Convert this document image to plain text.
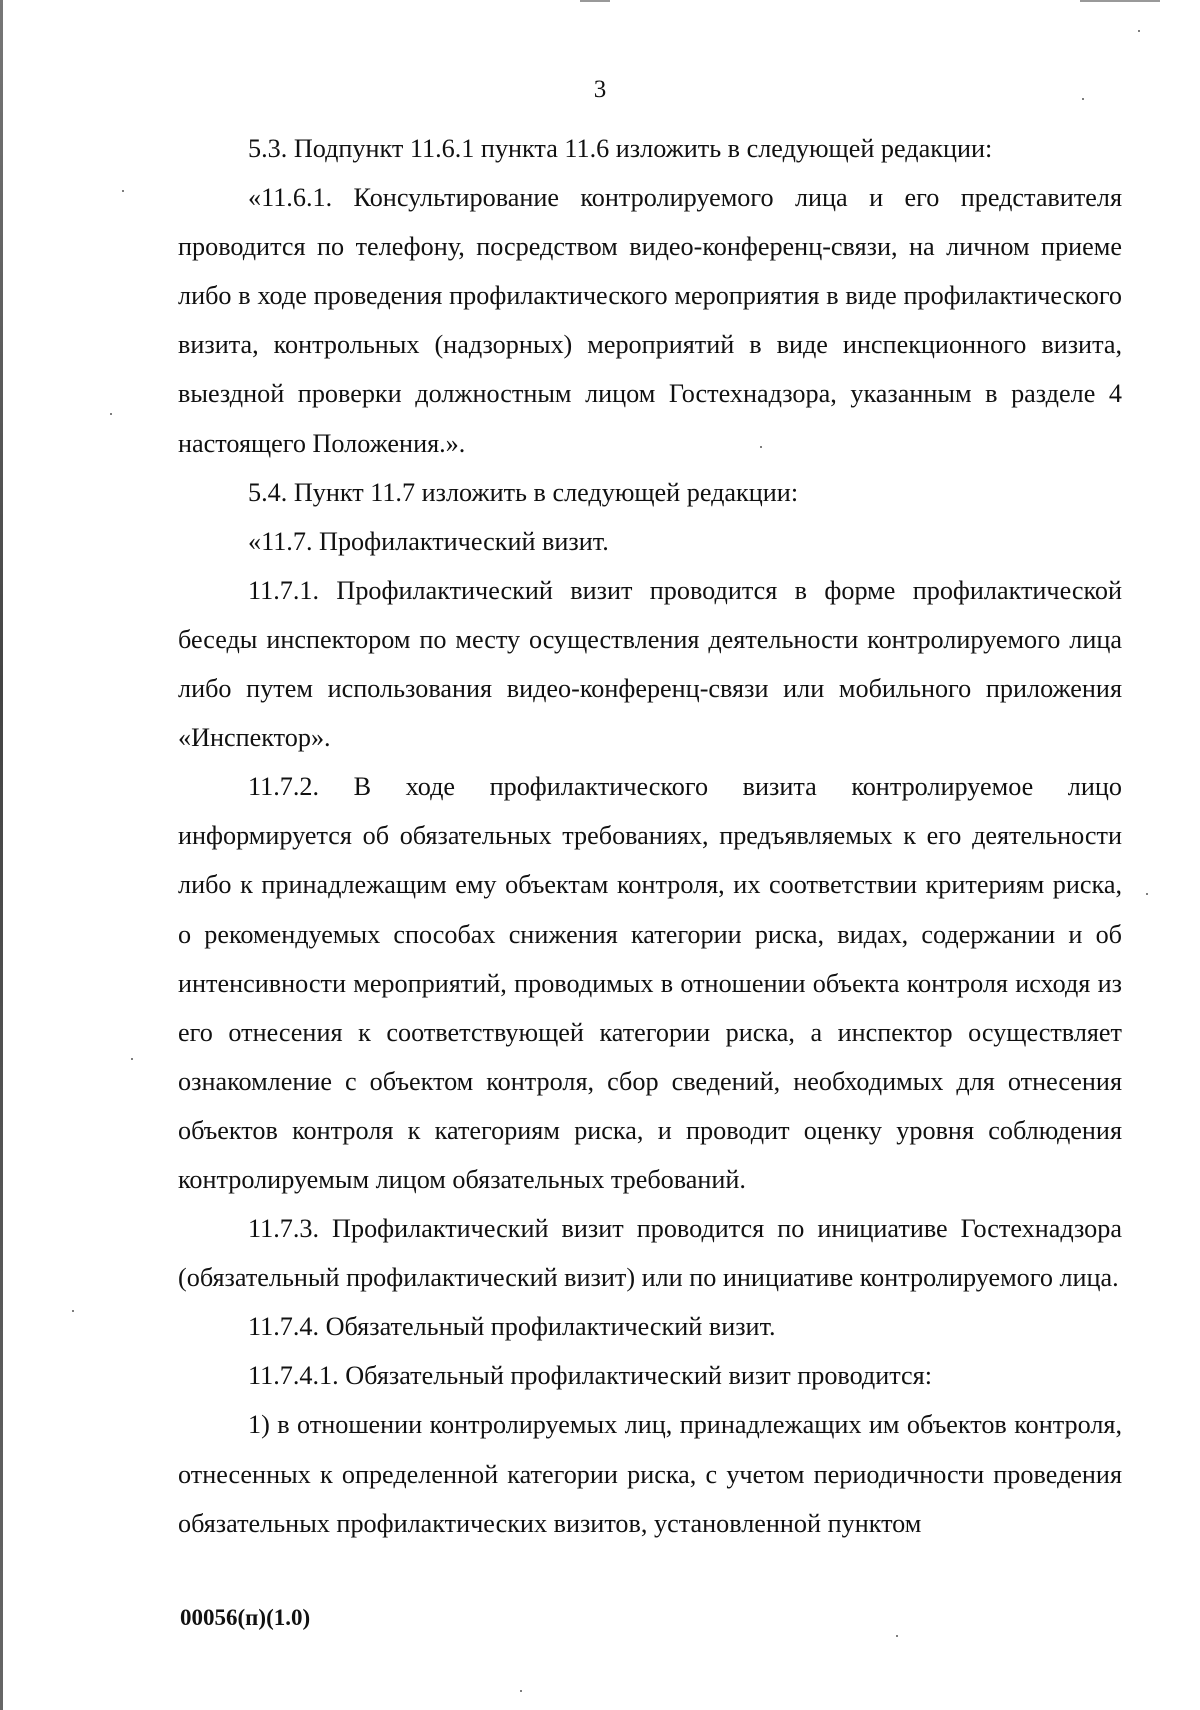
3

5.3. Подпункт 11.6.1 пункта 11.6 изложить в следующей редакции:

«11.6.1. Консультирование контролируемого лица и его представителя проводится по телефону, посредством видео-конференц-связи, на личном приеме либо в ходе проведения профилактического мероприятия в виде профилактического визита, контрольных (надзорных) мероприятий в виде инспекционного визита, выездной проверки должностным лицом Гостехнадзора, указанным в разделе 4 настоящего Положения.».

5.4. Пункт 11.7 изложить в следующей редакции:

«11.7. Профилактический визит.

11.7.1. Профилактический визит проводится в форме профилактической беседы инспектором по месту осуществления деятельности контролируемого лица либо путем использования видео-конференц-связи или мобильного приложения «Инспектор».

11.7.2. В ходе профилактического визита контролируемое лицо информируется об обязательных требованиях, предъявляемых к его деятельности либо к принадлежащим ему объектам контроля, их соответствии критериям риска, о рекомендуемых способах снижения категории риска, видах, содержании и об интенсивности мероприятий, проводимых в отношении объекта контроля исходя из его отнесения к соответствующей категории риска, а инспектор осуществляет ознакомление с объектом контроля, сбор сведений, необходимых для отнесения объектов контроля к категориям риска, и проводит оценку уровня соблюдения контролируемым лицом обязательных требований.

11.7.3. Профилактический визит проводится по инициативе Гостехнадзора (обязательный профилактический визит) или по инициативе контролируемого лица.

11.7.4. Обязательный профилактический визит.

11.7.4.1. Обязательный профилактический визит проводится:

1) в отношении контролируемых лиц, принадлежащих им объектов контроля, отнесенных к определенной категории риска, с учетом периодичности проведения обязательных профилактических визитов, установленной пунктом

00056(п)(1.0)
